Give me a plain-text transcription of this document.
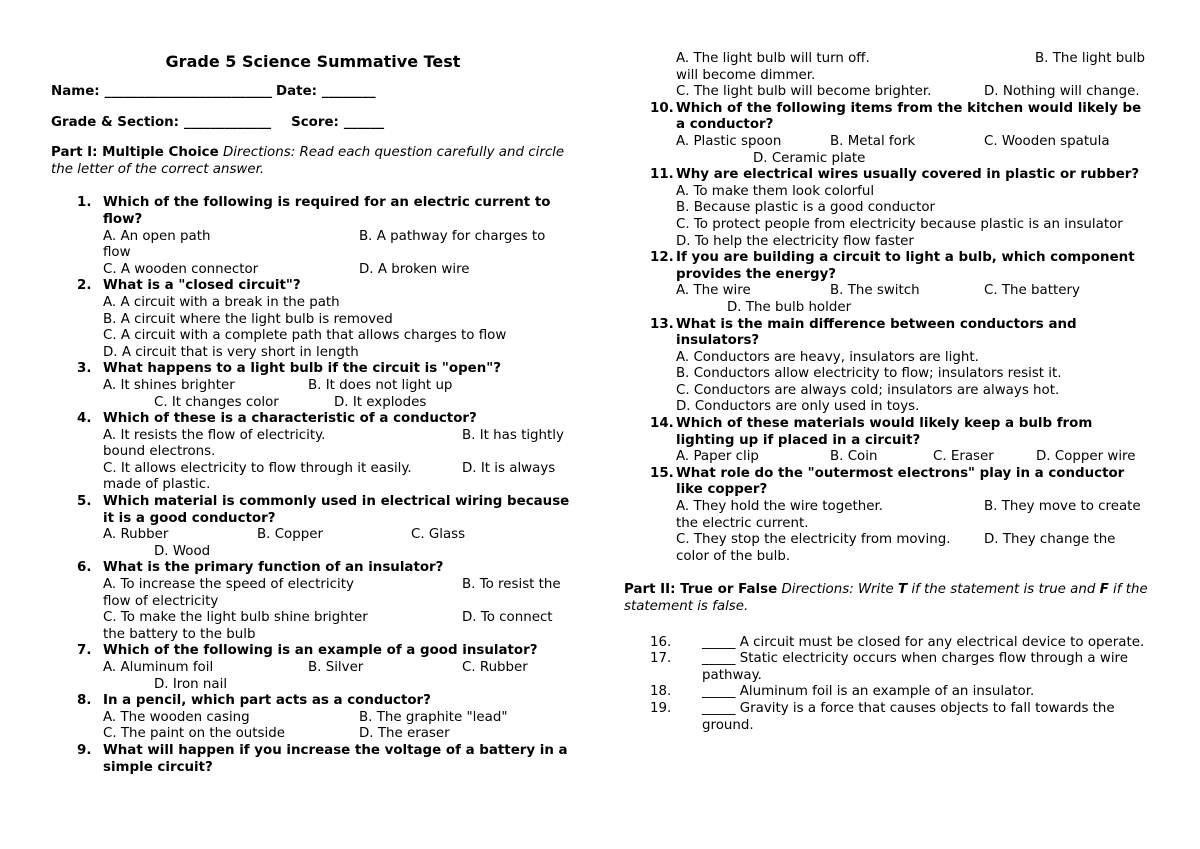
Grade 5 Science Summative Test
Name: _________________________ Date: ________
Grade & Section: _____________ Score: ______
Part I: Multiple Choice Directions: Read each question carefully and circle the letter of the correct answer.
1. Which of the following is required for an electric current to flow?
A. An open path	B. A pathway for charges to flow
C. A wooden connector	D. A broken wire
2. What is a "closed circuit"?
A. A circuit with a break in the path
B. A circuit where the light bulb is removed
C. A circuit with a complete path that allows charges to flow
D. A circuit that is very short in length
3. What happens to a light bulb if the circuit is "open"?
A. It shines brighter	B. It does not light up
C. It changes color	D. It explodes
4. Which of these is a characteristic of a conductor?
A. It resists the flow of electricity.	B. It has tightly bound electrons.
C. It allows electricity to flow through it easily.	D. It is always made of plastic.
5. Which material is commonly used in electrical wiring because it is a good conductor?
A. Rubber	B. Copper	C. Glass
D. Wood
6. What is the primary function of an insulator?
A. To increase the speed of electricity	B. To resist the flow of electricity
C. To make the light bulb shine brighter	D. To connect the battery to the bulb
7. Which of the following is an example of a good insulator?
A. Aluminum foil	B. Silver	C. Rubber
D. Iron nail
8. In a pencil, which part acts as a conductor?
A. The wooden casing	B. The graphite "lead"
C. The paint on the outside	D. The eraser
9. What will happen if you increase the voltage of a battery in a simple circuit?
A. The light bulb will turn off.	B. The light bulb will become dimmer.
C. The light bulb will become brighter.	D. Nothing will change.
10. Which of the following items from the kitchen would likely be a conductor?
A. Plastic spoon	B. Metal fork	C. Wooden spatula
D. Ceramic plate
11. Why are electrical wires usually covered in plastic or rubber?
A. To make them look colorful
B. Because plastic is a good conductor
C. To protect people from electricity because plastic is an insulator
D. To help the electricity flow faster
12. If you are building a circuit to light a bulb, which component provides the energy?
A. The wire	B. The switch	C. The battery
D. The bulb holder
13. What is the main difference between conductors and insulators?
A. Conductors are heavy, insulators are light.
B. Conductors allow electricity to flow; insulators resist it.
C. Conductors are always cold; insulators are always hot.
D. Conductors are only used in toys.
14. Which of these materials would likely keep a bulb from lighting up if placed in a circuit?
A. Paper clip	B. Coin	C. Eraser	D. Copper wire
15. What role do the "outermost electrons" play in a conductor like copper?
A. They hold the wire together.	B. They move to create the electric current.
C. They stop the electricity from moving.	D. They change the color of the bulb.
Part II: True or False Directions: Write T if the statement is true and F if the statement is false.
16.	_____ A circuit must be closed for any electrical device to operate.
17.	_____ Static electricity occurs when charges flow through a wire pathway.
18.	_____ Aluminum foil is an example of an insulator.
19.	_____ Gravity is a force that causes objects to fall towards the ground.
